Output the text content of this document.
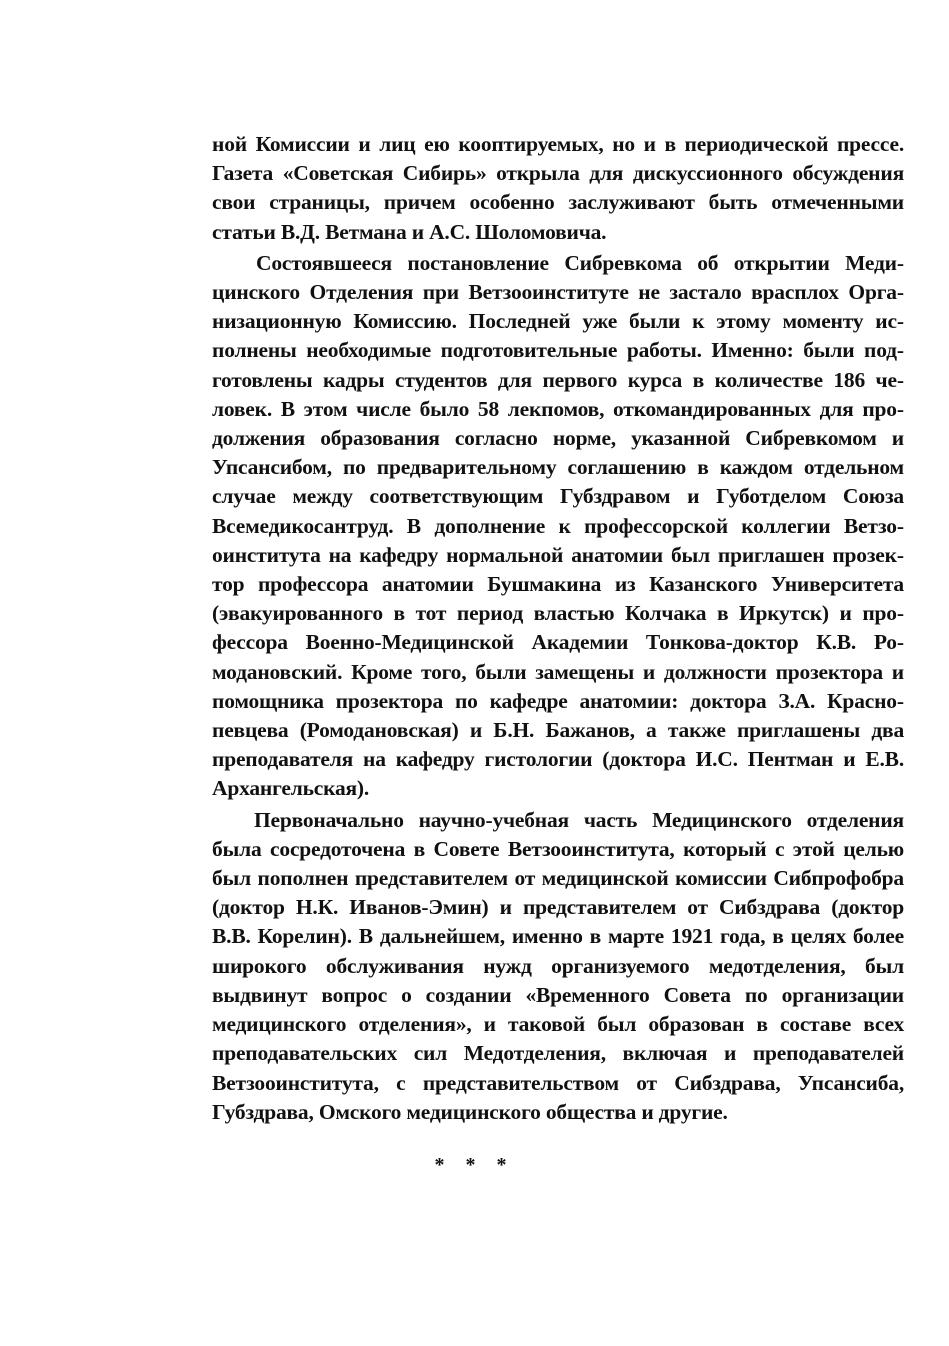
ной Комиссии и лиц ею кооптируемых, но и в периодической прессе. Газета «Советская Сибирь» открыла для дискуссионного обсуждения свои страницы, причем особенно заслуживают быть отмеченными статьи В.Д. Ветмана и А.С. Шоломовича.

Состоявшееся постановление Сибревкома об открытии Медицинского Отделения при Ветзооинституте не застало врасплох Организационную Комиссию. Последней уже были к этому моменту исполнены необходимые подготовительные работы. Именно: были подготовлены кадры студентов для первого курса в количестве 186 человек. В этом числе было 58 лекпомов, откомандированных для продолжения образования согласно норме, указанной Сибревкомом и Упсансибом, по предварительному соглашению в каждом отдельном случае между соответствующим Губздравом и Губотделом Союза Всемедикосантруд. В дополнение к профессорской коллегии Ветзооинститута на кафедру нормальной анатомии был приглашен прозектор профессора анатомии Бушмакина из Казанского Университета (эвакуированного в тот период властью Колчака в Иркутск) и профессора Военно-Медицинской Академии Тонкова-доктор К.В. Ромодановский. Кроме того, были замещены и должности прозектора и помощника прозектора по кафедре анатомии: доктора З.А. Краснопевцева (Ромодановская) и Б.Н. Бажанов, а также приглашены два преподавателя на кафедру гистологии (доктора И.С. Пентман и Е.В. Архангельская).

Первоначально научно-учебная часть Медицинского отделения была сосредоточена в Совете Ветзооинститута, который с этой целью был пополнен представителем от медицинской комиссии Сибпрофобра (доктор Н.К. Иванов-Эмин) и представителем от Сибздрава (доктор В.В. Корелин). В дальнейшем, именно в марте 1921 года, в целях более широкого обслуживания нужд организуемого медотделения, был выдвинут вопрос о создании «Временного Совета по организации медицинского отделения», и таковой был образован в составе всех преподавательских сил Медотделения, включая и преподавателей Ветзооинститута, с представительством от Сибздрава, Упсансиба, Губздрава, Омского медицинского общества и другие.

* * *
